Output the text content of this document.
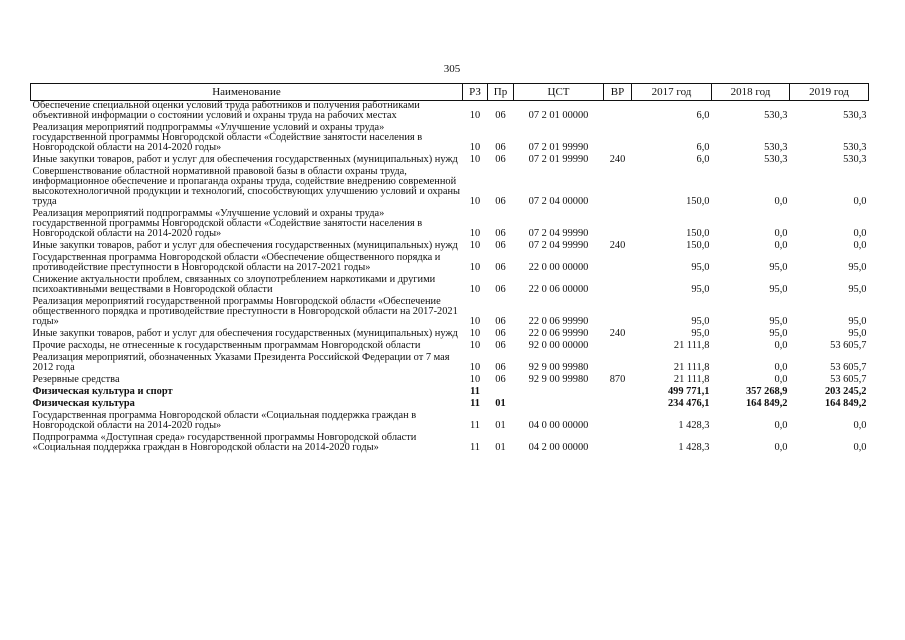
305
Наименование	РЗ	Пр	ЦСТ	ВР	2017 год	2018 год	2019 год
Обеспечение специальной оценки условий труда работников и получения работниками объективной информации о состоянии условий и охраны труда на рабочих местах	10	06	07 2 01 00000		6,0	530,3	530,3
Реализация мероприятий подпрограммы «Улучшение условий и охраны труда» государственной программы Новгородской области «Содействие занятости населения в Новгородской области на 2014-2020 годы»	10	06	07 2 01 99990		6,0	530,3	530,3
Иные закупки товаров, работ и услуг для обеспечения государственных (муниципальных) нужд	10	06	07 2 01 99990	240	6,0	530,3	530,3
Совершенствование областной нормативной правовой базы в области охраны труда, информационное обеспечение и пропаганда охраны труда, содействие внедрению современной высокотехнологичной продукции и технологий, способствующих улучшению условий и охраны труда	10	06	07 2 04 00000		150,0	0,0	0,0
Реализация мероприятий подпрограммы «Улучшение условий и охраны труда» государственной программы Новгородской области «Содействие занятости населения в Новгородской области на 2014-2020 годы»	10	06	07 2 04 99990		150,0	0,0	0,0
Иные закупки товаров, работ и услуг для обеспечения государственных (муниципальных) нужд	10	06	07 2 04 99990	240	150,0	0,0	0,0
Государственная программа Новгородской области «Обеспечение общественного порядка и противодействие преступности в Новгородской области на 2017-2021 годы»	10	06	22 0 00 00000		95,0	95,0	95,0
Снижение актуальности проблем, связанных со злоупотреблением наркотиками и другими психоактивными веществами в Новгородской области	10	06	22 0 06 00000		95,0	95,0	95,0
Реализация мероприятий государственной программы Новгородской области «Обеспечение общественного порядка и противодействие преступности в Новгородской области на 2017-2021 годы»	10	06	22 0 06 99990		95,0	95,0	95,0
Иные закупки товаров, работ и услуг для обеспечения государственных (муниципальных) нужд	10	06	22 0 06 99990	240	95,0	95,0	95,0
Прочие расходы, не отнесенные к государственным программам Новгородской области	10	06	92 0 00 00000		21 111,8	0,0	53 605,7
Реализация мероприятий, обозначенных Указами Президента Российской Федерации от 7 мая 2012 года	10	06	92 9 00 99980		21 111,8	0,0	53 605,7
Резервные средства	10	06	92 9 00 99980	870	21 111,8	0,0	53 605,7
Физическая культура и спорт	11				499 771,1	357 268,9	203 245,2
Физическая культура	11	01			234 476,1	164 849,2	164 849,2
Государственная программа Новгородской области «Социальная поддержка граждан в Новгородской области на 2014-2020 годы»	11	01	04 0 00 00000		1 428,3	0,0	0,0
Подпрограмма «Доступная среда» государственной программы Новгородской области «Социальная поддержка граждан в Новгородской области на 2014-2020 годы»	11	01	04 2 00 00000		1 428,3	0,0	0,0
